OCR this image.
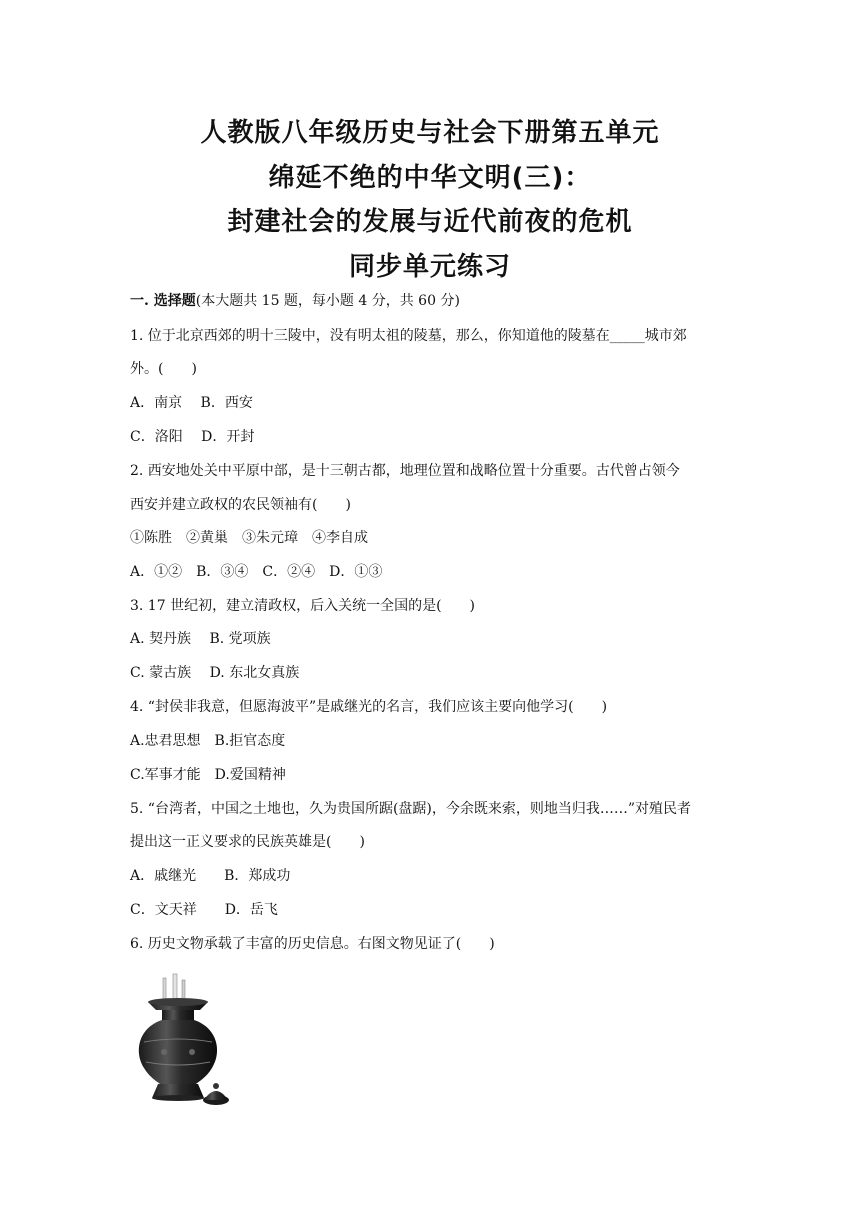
人教版八年级历史与社会下册第五单元
绵延不绝的中华文明(三)：
封建社会的发展与近代前夜的危机
同步单元练习
一. 选择题(本大题共 15 题，每小题 4 分，共 60 分)
1. 位于北京西郊的明十三陵中，没有明太祖的陵墓，那么，你知道他的陵墓在_____城市郊
外。(　　)
A．南京　 B．西安
C．洛阳　 D．开封
2. 西安地处关中平原中部，是十三朝古都，地理位置和战略位置十分重要。古代曾占领今
西安并建立政权的农民领袖有(　　)
①陈胜　②黄巢　③朱元璋　④李自成
A．①②　B．③④　C．②④　D．①③
3. 17 世纪初，建立清政权，后入关统一全国的是(　　)
A. 契丹族　 B. 党项族
C. 蒙古族　 D. 东北女真族
4. “封侯非我意，但愿海波平”是戚继光的名言，我们应该主要向他学习(　　)
A.忠君思想　B.拒官态度
C.军事才能　D.爱国精神
5. “台湾者，中国之土地也，久为贵国所踞(盘踞)，今余既来索，则地当归我……”对殖民者
提出这一正义要求的民族英雄是(　　)
A．戚继光　　B．郑成功
C．文天祥　　D．岳飞
6. 历史文物承载了丰富的历史信息。右图文物见证了(　　)
